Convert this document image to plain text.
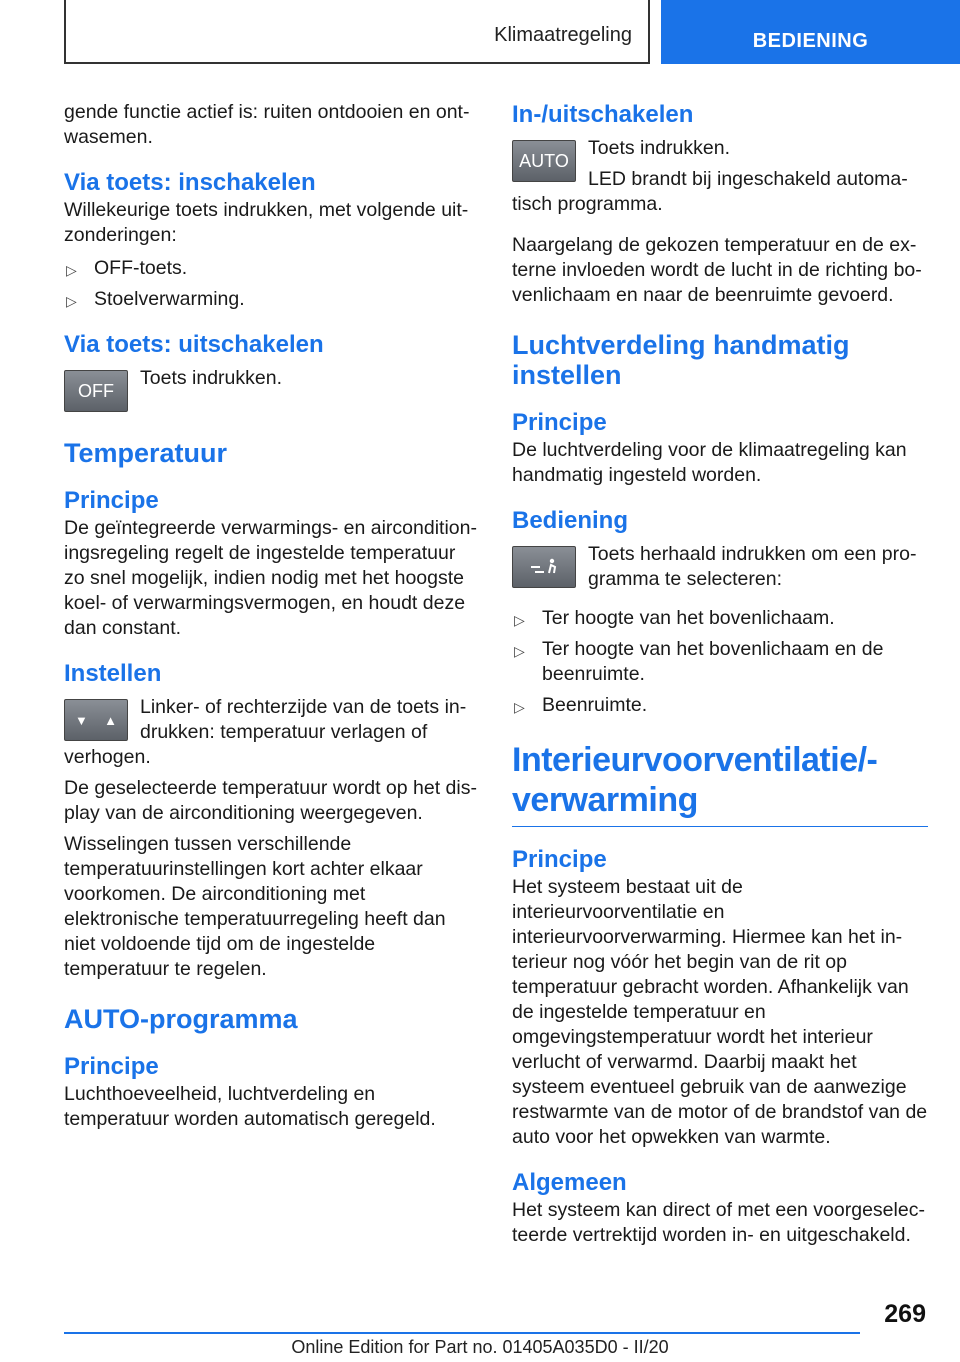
Klimaatregeling	BEDIENING

gende functie actief is: ruiten ontdooien en ontwasemen.

Via toets: inschakelen

Willekeurige toets indrukken, met volgende uitzonderingen:

▷ OFF-toets.
▷ Stoelverwarming.
Via toets: uitschakelen
OFF

Toets indrukken.

Temperatuur
Principe

De geïntegreerde verwarmings- en airconditioningsregeling regelt de ingestelde temperatuur zo snel mogelijk, indien nodig met het hoogste koel- of verwarmingsvermogen, en houdt deze dan constant.

Instellen
▼ ▲

Linker- of rechterzijde van de toets indrukken: temperatuur verlagen of verhogen.

De geselecteerde temperatuur wordt op het display van de airconditioning weergegeven.

Wisselingen tussen verschillende temperatuurinstellingen kort achter elkaar voorkomen. De airconditioning met elektronische temperatuurregeling heeft dan niet voldoende tijd om de ingestelde temperatuur te regelen.

AUTO-programma
Principe

Luchthoeveelheid, luchtverdeling en temperatuur worden automatisch geregeld.

In-/uitschakelen
AUTO

Toets indrukken.

LED brandt bij ingeschakeld automatisch programma.

Naargelang de gekozen temperatuur en de externe invloeden wordt de lucht in de richting bovenlichaam en naar de beenruimte gevoerd.

Luchtverdeling handmatig instellen
Principe

De luchtverdeling voor de klimaatregeling kan handmatig ingesteld worden.

Bediening

Toets herhaald indrukken om een programma te selecteren:

▷ Ter hoogte van het bovenlichaam.
▷ Ter hoogte van het bovenlichaam en de beenruimte.
▷ Beenruimte.
Interieurvoorventilatie/-verwarming
Principe

Het systeem bestaat uit de interieurvoorventilatie en interieurvoorverwarming. Hiermee kan het interieur nog vóór het begin van de rit op temperatuur gebracht worden. Afhankelijk van de ingestelde temperatuur en omgevingstemperatuur wordt het interieur verlucht of verwarmd. Daarbij maakt het systeem eventueel gebruik van de aanwezige restwarmte van de motor of de brandstof van de auto voor het opwekken van warmte.

Algemeen

Het systeem kan direct of met een voorgeselecteerde vertrektijd worden in- en uitgeschakeld.

269
Online Edition for Part no. 01405A035D0 - II/20
